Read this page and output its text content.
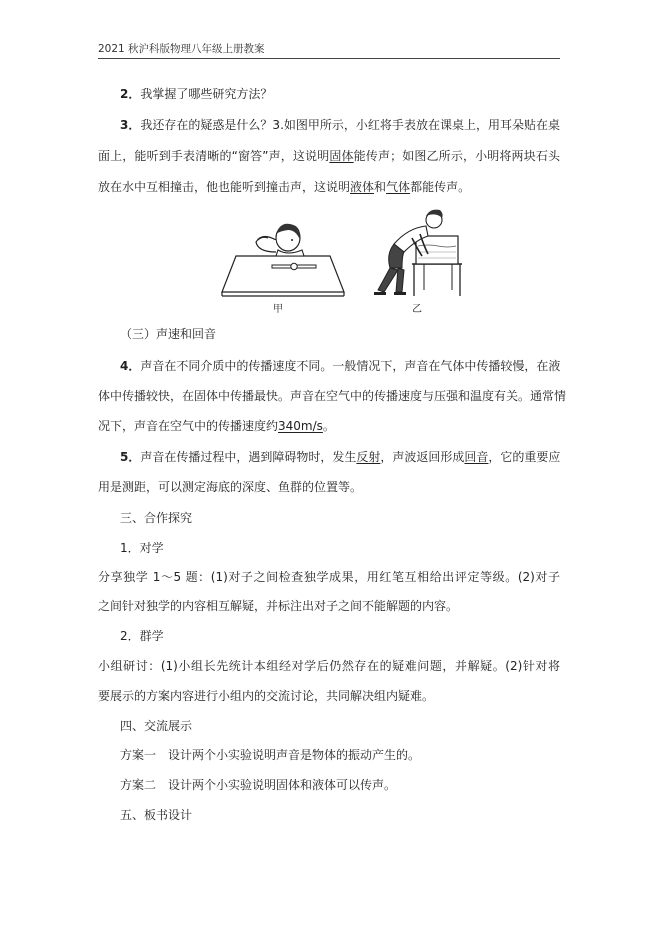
2021 秋沪科版物理八年级上册教案
2．我掌握了哪些研究方法？
3．我还存在的疑惑是什么？3.如图甲所示，小红将手表放在课桌上，用耳朵贴在桌
面上，能听到手表清晰的“窗答”声，这说明固体能传声；如图乙所示，小明将两块石头
放在水中互相撞击，他也能听到撞击声，这说明液体和气体都能传声。
甲	乙
（三）声速和回音
4．声音在不同介质中的传播速度不同。一般情况下，声音在气体中传播较慢，在液
体中传播较快，在固体中传播最快。声音在空气中的传播速度与压强和温度有关。通常情
况下，声音在空气中的传播速度约340m/s。
5．声音在传播过程中，遇到障碍物时，发生反射，声波返回形成回音，它的重要应
用是测距，可以测定海底的深度、鱼群的位置等。
三、合作探究
1．对学
分享独学 1～5 题：(1)对子之间检查独学成果，用红笔互相给出评定等级。(2)对子
之间针对独学的内容相互解疑，并标注出对子之间不能解题的内容。
2．群学
小组研讨：(1)小组长先统计本组经对学后仍然存在的疑难问题，并解疑。(2)针对将
要展示的方案内容进行小组内的交流讨论，共同解决组内疑难。
四、交流展示
方案一 设计两个小实验说明声音是物体的振动产生的。
方案二 设计两个小实验说明固体和液体可以传声。
五、板书设计
